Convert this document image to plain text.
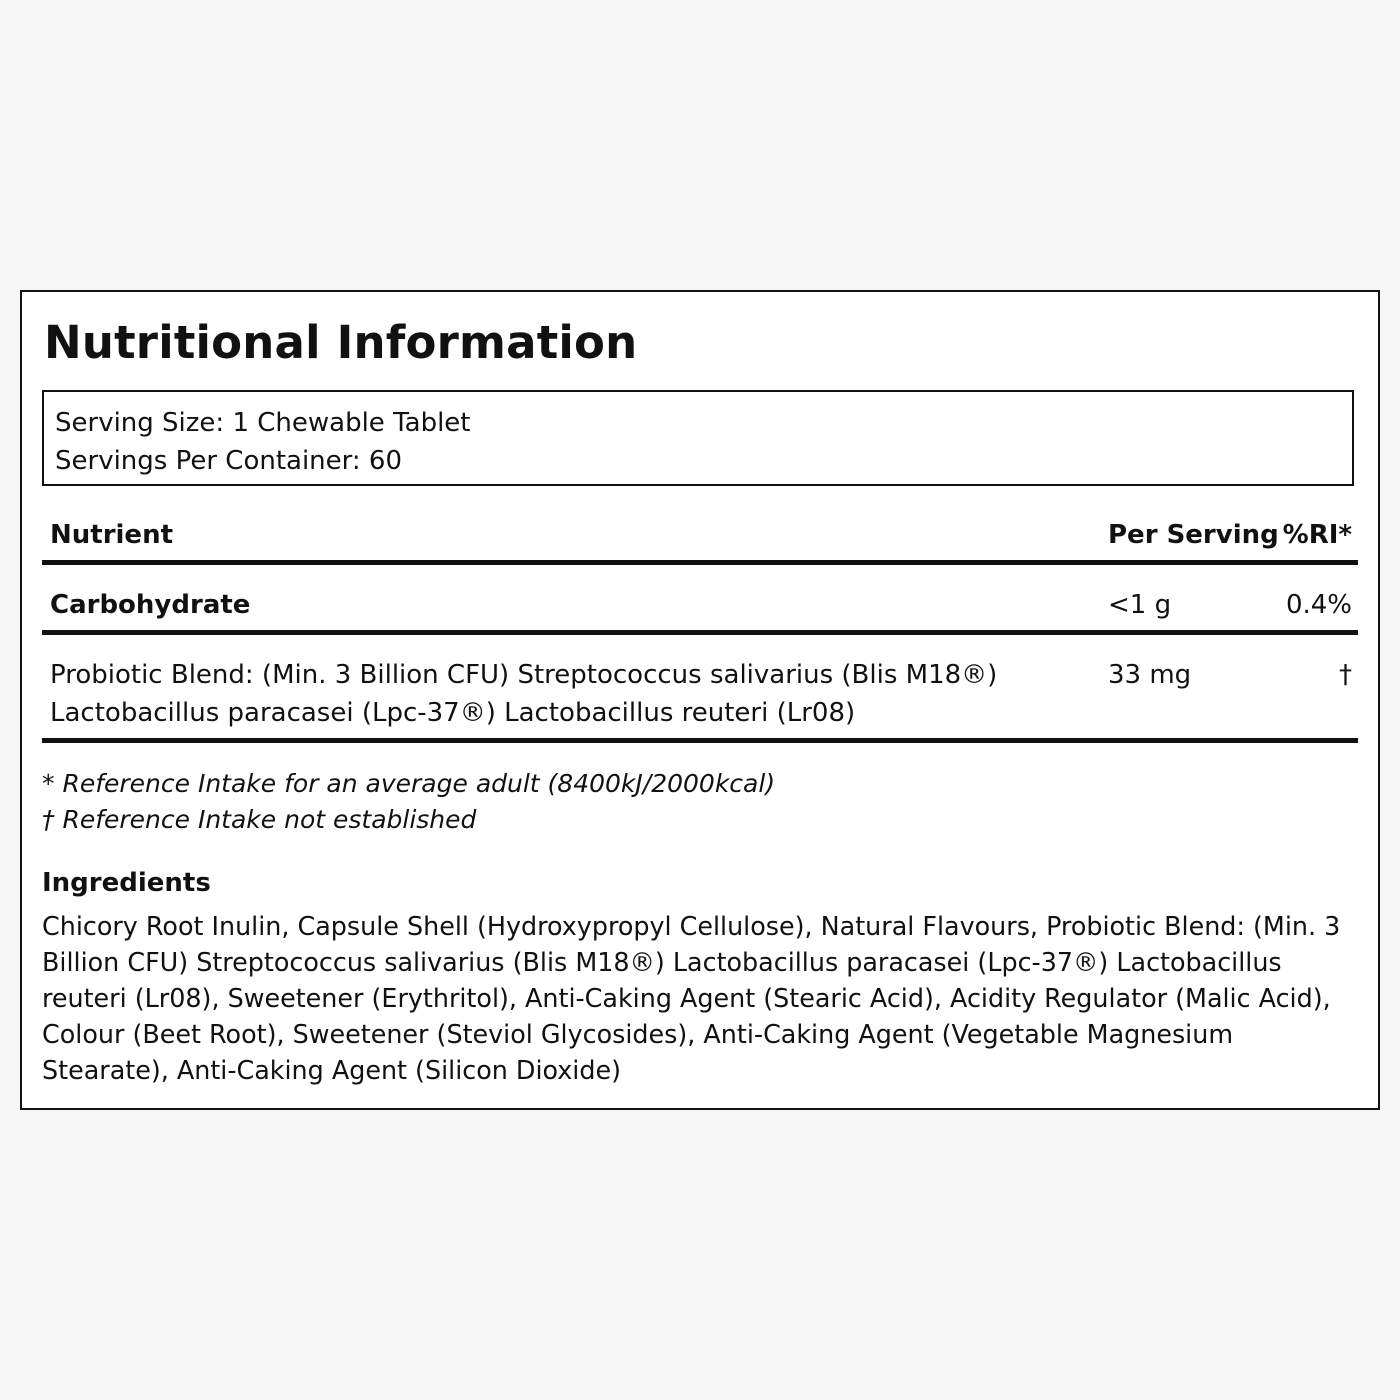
Nutritional Information
Serving Size: 1 Chewable Tablet
Servings Per Container: 60
Nutrient	Per Serving %RI*
Carbohydrate	<1 g	0.4%
Probiotic Blend: (Min. 3 Billion CFU) Streptococcus salivarius (Blis M18®)
Lactobacillus paracasei (Lpc-37®) Lactobacillus reuteri (Lr08)
33 mg	†
* Reference Intake for an average adult (8400kJ/2000kcal)
† Reference Intake not established
Ingredients

Chicory Root Inulin, Capsule Shell (Hydroxypropyl Cellulose), Natural Flavours, Probiotic Blend: (Min. 3 Billion CFU) Streptococcus salivarius (Blis M18®) Lactobacillus paracasei (Lpc-37®) Lactobacillus reuteri (Lr08), Sweetener (Erythritol), Anti-Caking Agent (Stearic Acid), Acidity Regulator (Malic Acid), Colour (Beet Root), Sweetener (Steviol Glycosides), Anti-Caking Agent (Vegetable Magnesium Stearate), Anti-Caking Agent (Silicon Dioxide)
